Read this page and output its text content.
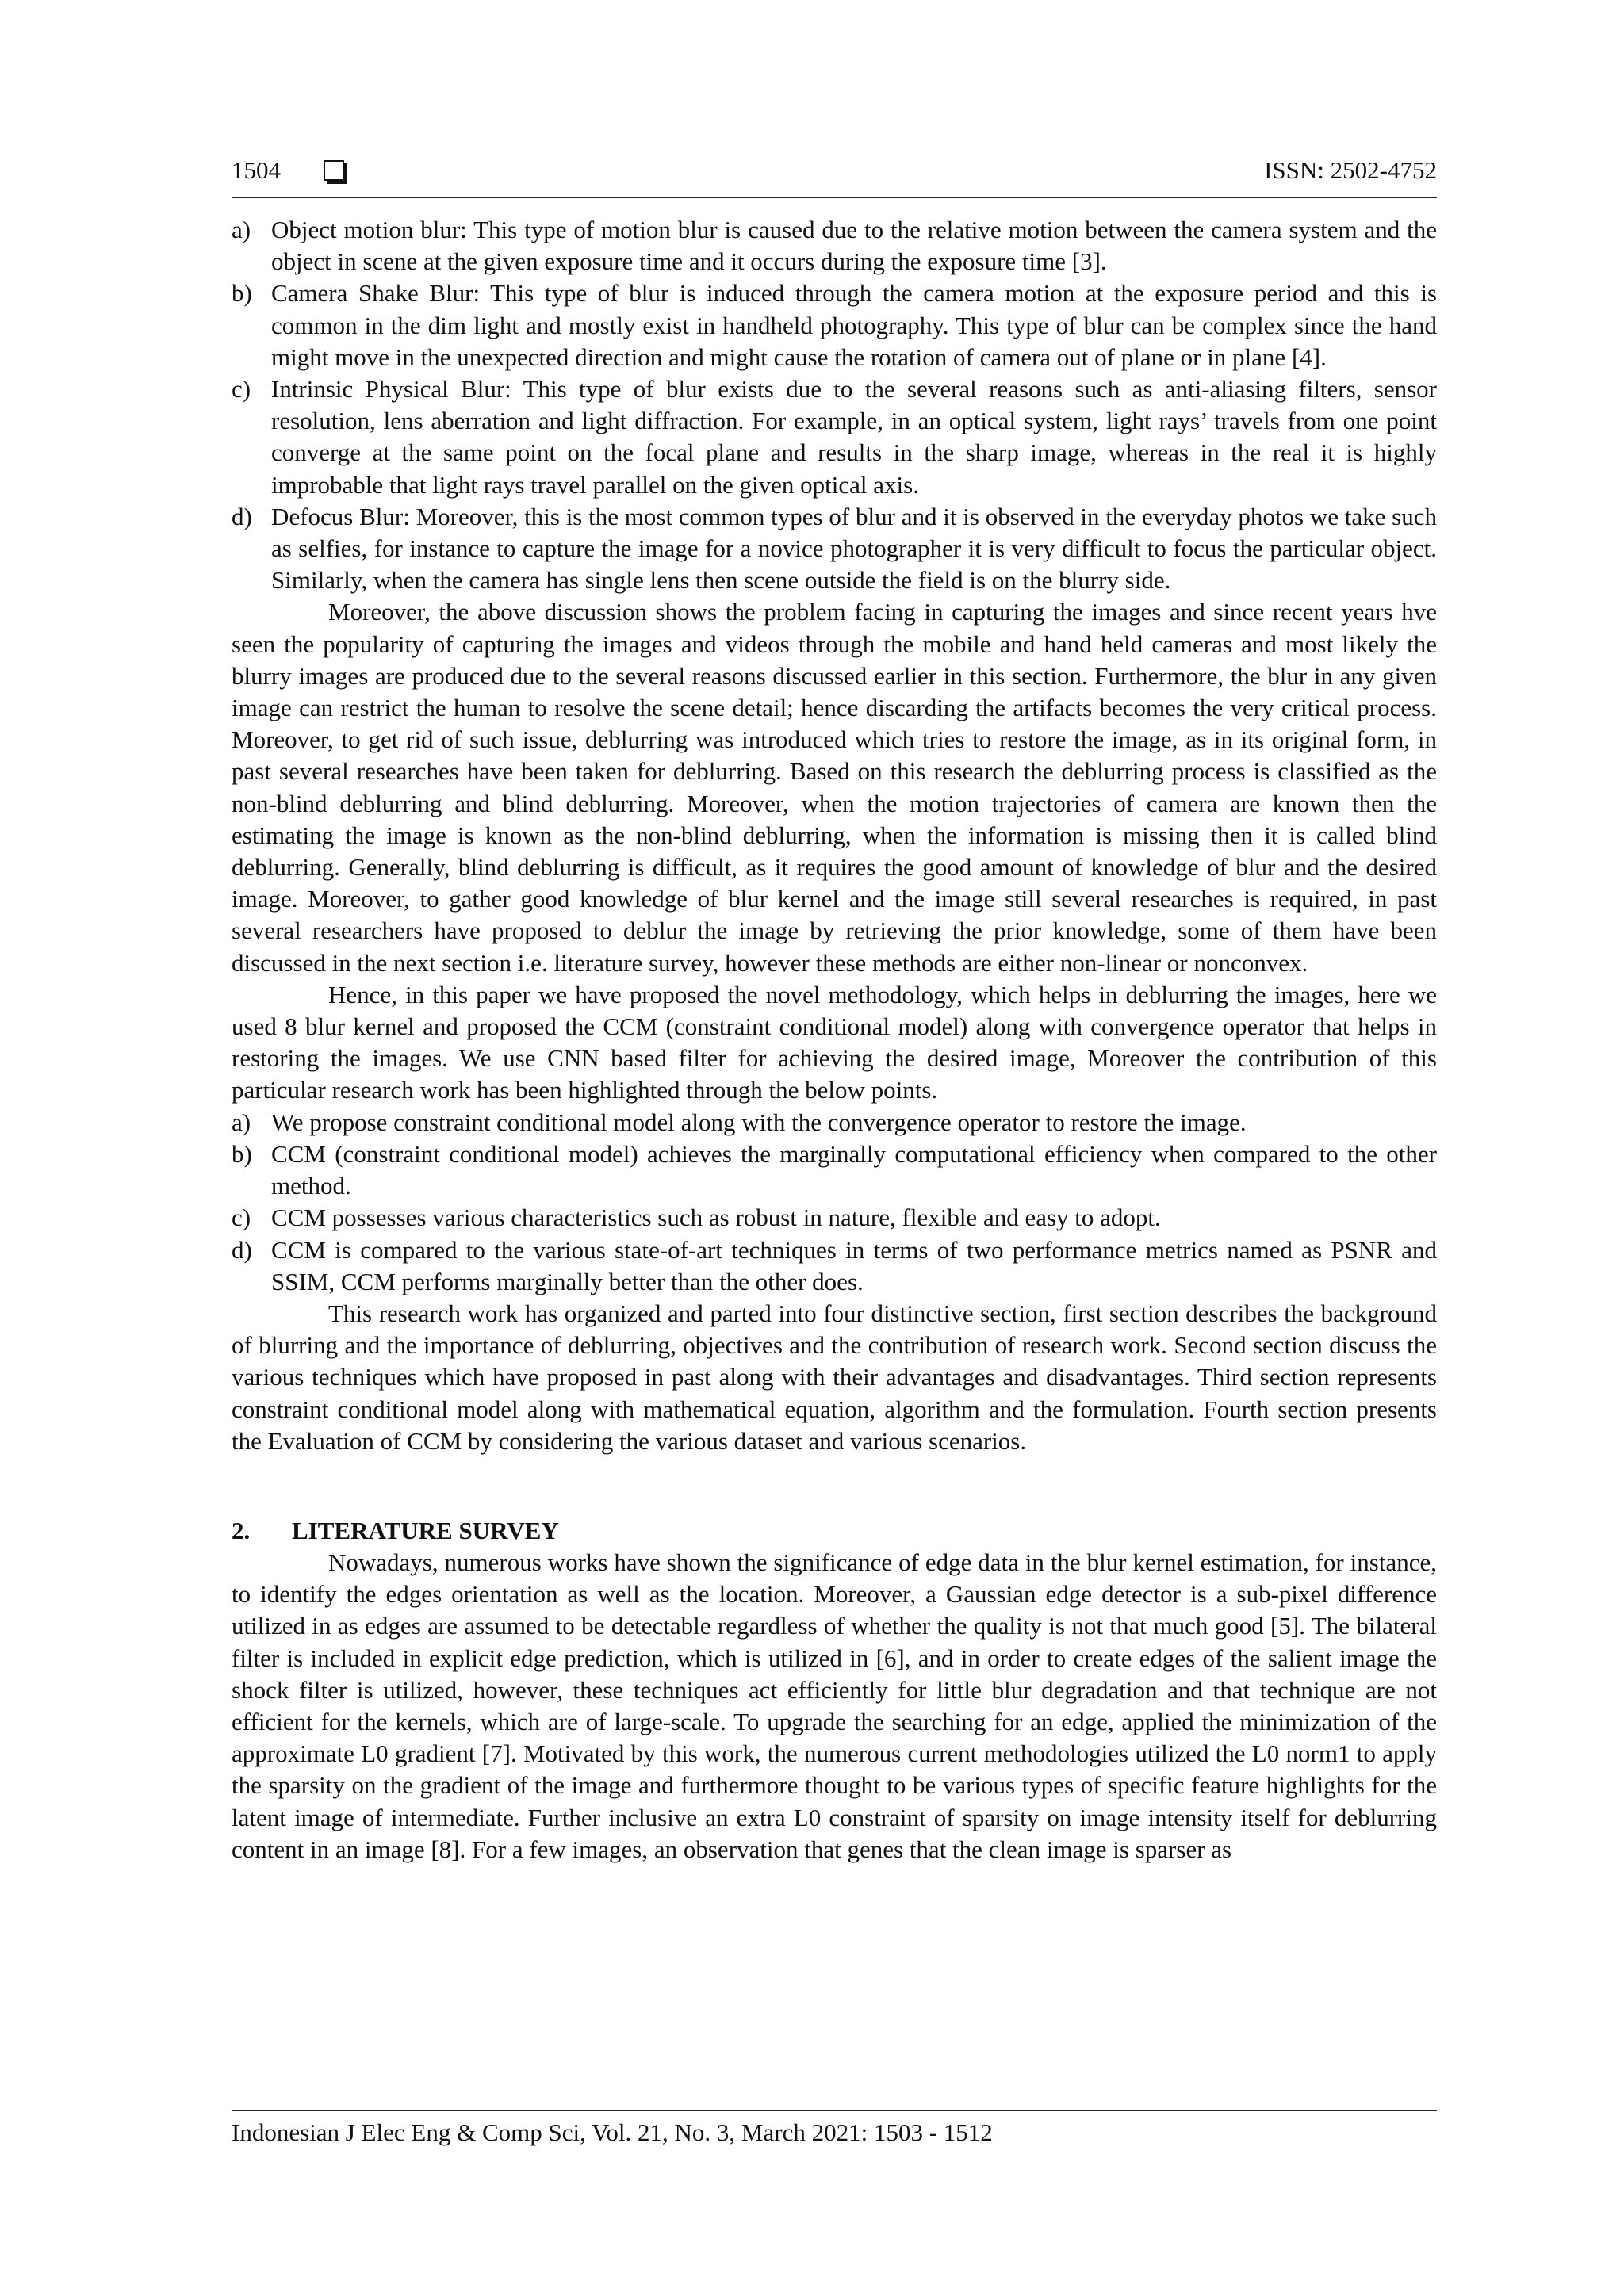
1504	ISSN: 2502-4752
a) Object motion blur: This type of motion blur is caused due to the relative motion between the camera system and the object in scene at the given exposure time and it occurs during the exposure time [3].
b) Camera Shake Blur: This type of blur is induced through the camera motion at the exposure period and this is common in the dim light and mostly exist in handheld photography. This type of blur can be complex since the hand might move in the unexpected direction and might cause the rotation of camera out of plane or in plane [4].
c) Intrinsic Physical Blur: This type of blur exists due to the several reasons such as anti-aliasing filters, sensor resolution, lens aberration and light diffraction. For example, in an optical system, light rays’ travels from one point converge at the same point on the focal plane and results in the sharp image, whereas in the real it is highly improbable that light rays travel parallel on the given optical axis.
d) Defocus Blur: Moreover, this is the most common types of blur and it is observed in the everyday photos we take such as selfies, for instance to capture the image for a novice photographer it is very difficult to focus the particular object. Similarly, when the camera has single lens then scene outside the field is on the blurry side.

Moreover, the above discussion shows the problem facing in capturing the images and since recent years hve seen the popularity of capturing the images and videos through the mobile and hand held cameras and most likely the blurry images are produced due to the several reasons discussed earlier in this section. Furthermore, the blur in any given image can restrict the human to resolve the scene detail; hence discarding the artifacts becomes the very critical process. Moreover, to get rid of such issue, deblurring was introduced which tries to restore the image, as in its original form, in past several researches have been taken for deblurring. Based on this research the deblurring process is classified as the non-blind deblurring and blind deblurring. Moreover, when the motion trajectories of camera are known then the estimating the image is known as the non-blind deblurring, when the information is missing then it is called blind deblurring. Generally, blind deblurring is difficult, as it requires the good amount of knowledge of blur and the desired image. Moreover, to gather good knowledge of blur kernel and the image still several researches is required, in past several researchers have proposed to deblur the image by retrieving the prior knowledge, some of them have been discussed in the next section i.e. literature survey, however these methods are either non-linear or nonconvex.

Hence, in this paper we have proposed the novel methodology, which helps in deblurring the images, here we used 8 blur kernel and proposed the CCM (constraint conditional model) along with convergence operator that helps in restoring the images. We use CNN based filter for achieving the desired image, Moreover the contribution of this particular research work has been highlighted through the below points.

a) We propose constraint conditional model along with the convergence operator to restore the image.
b) CCM (constraint conditional model) achieves the marginally computational efficiency when compared to the other method.
c) CCM possesses various characteristics such as robust in nature, flexible and easy to adopt.
d) CCM is compared to the various state-of-art techniques in terms of two performance metrics named as PSNR and SSIM, CCM performs marginally better than the other does.

This research work has organized and parted into four distinctive section, first section describes the background of blurring and the importance of deblurring, objectives and the contribution of research work. Second section discuss the various techniques which have proposed in past along with their advantages and disadvantages. Third section represents constraint conditional model along with mathematical equation, algorithm and the formulation. Fourth section presents the Evaluation of CCM by considering the various dataset and various scenarios.

2. LITERATURE SURVEY

Nowadays, numerous works have shown the significance of edge data in the blur kernel estimation, for instance, to identify the edges orientation as well as the location. Moreover, a Gaussian edge detector is a sub-pixel difference utilized in as edges are assumed to be detectable regardless of whether the quality is not that much good [5]. The bilateral filter is included in explicit edge prediction, which is utilized in [6], and in order to create edges of the salient image the shock filter is utilized, however, these techniques act efficiently for little blur degradation and that technique are not efficient for the kernels, which are of large-scale. To upgrade the searching for an edge, applied the minimization of the approximate L0 gradient [7]. Motivated by this work, the numerous current methodologies utilized the L0 norm1 to apply the sparsity on the gradient of the image and furthermore thought to be various types of specific feature highlights for the latent image of intermediate. Further inclusive an extra L0 constraint of sparsity on image intensity itself for deblurring content in an image [8]. For a few images, an observation that genes that the clean image is sparser as

Indonesian J Elec Eng & Comp Sci, Vol. 21, No. 3, March 2021: 1503 - 1512
